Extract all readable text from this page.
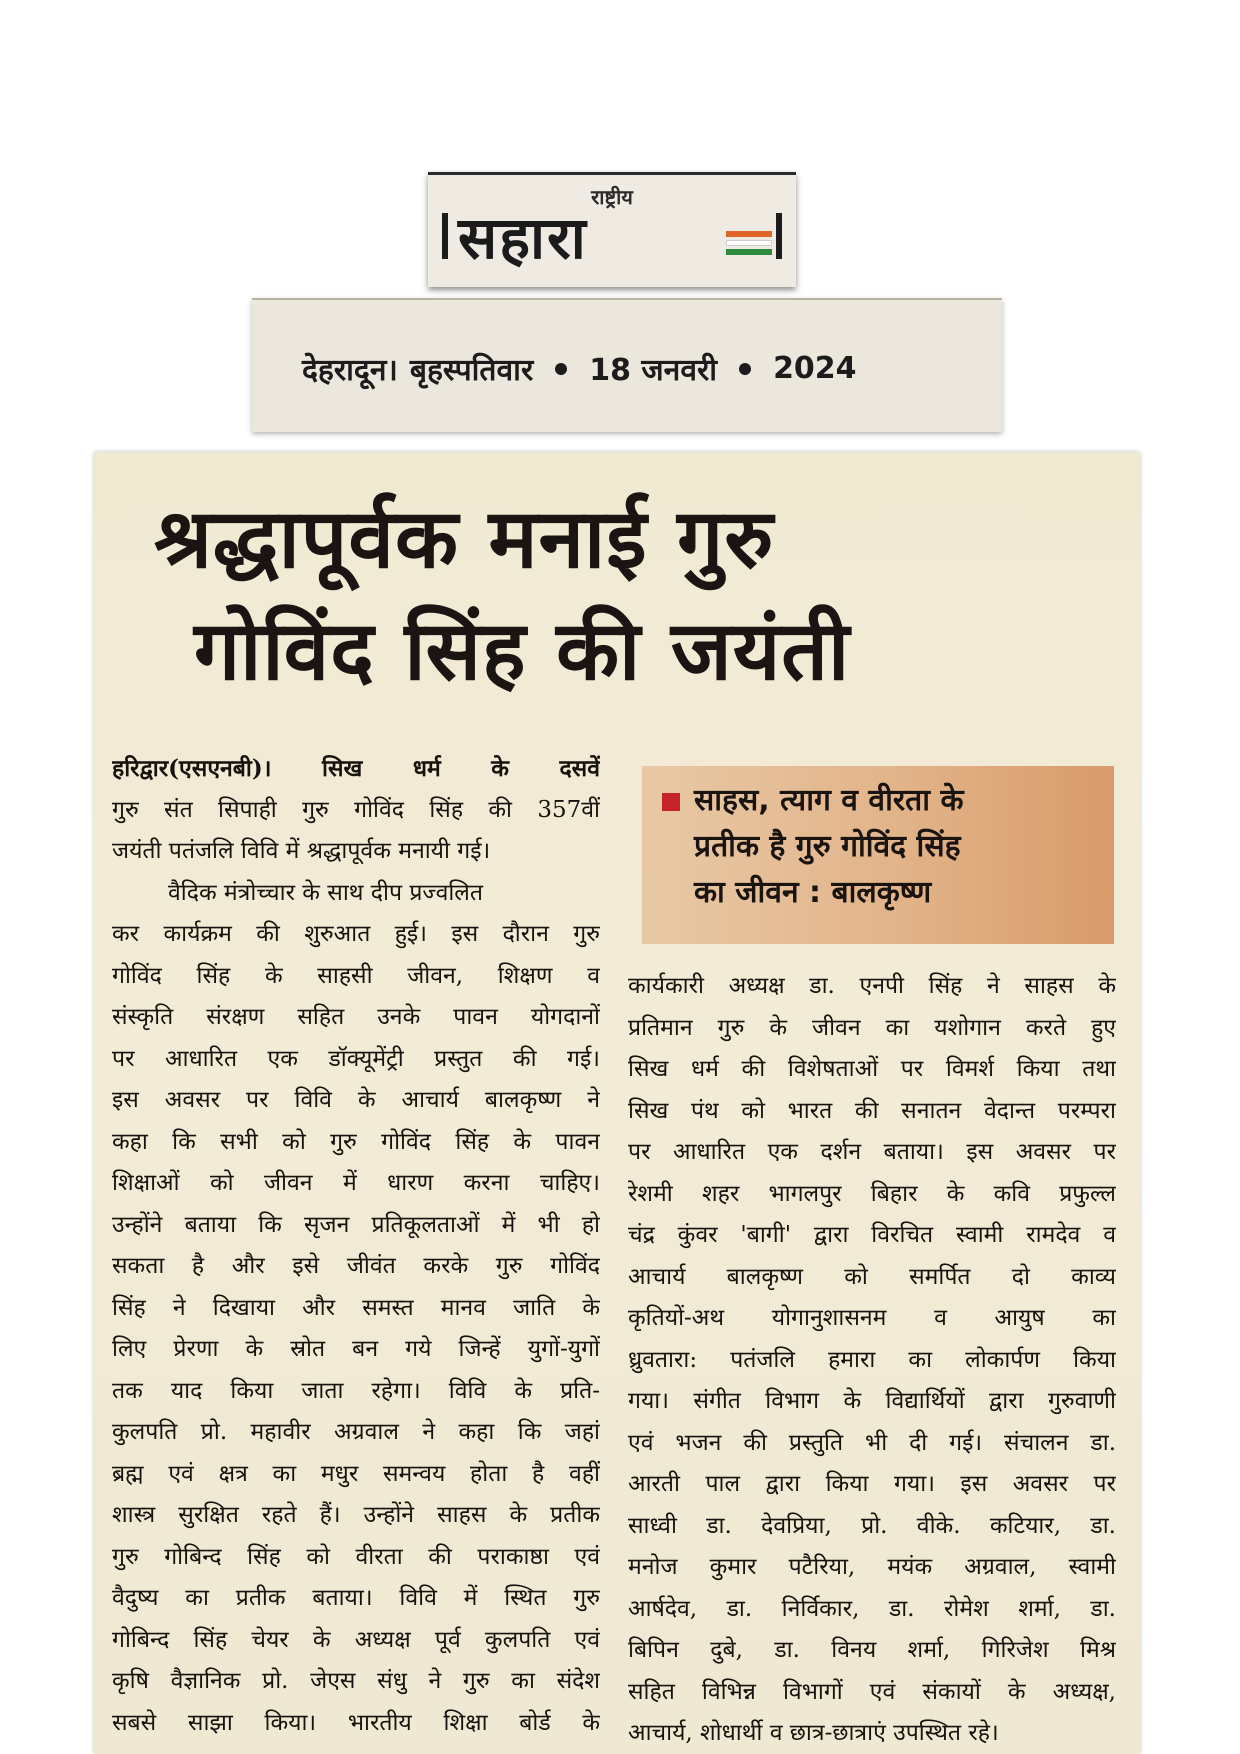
राष्ट्रीय
सहारा
देहरादून। बृहस्पतिवार 18 जनवरी 2024
श्रद्धापूर्वक मनाई गुरु
गोविंद सिंह की जयंती
साहस, त्याग व वीरता के
प्रतीक है गुरु गोविंद सिंह
का जीवन : बालकृष्ण
हरिद्वार(एसएनबी)। सिख धर्म के दसवें
गुरु संत सिपाही गुरु गोविंद सिंह की 357वीं
जयंती पतंजलि विवि में श्रद्धापूर्वक मनायी गई।
वैदिक मंत्रोच्चार के साथ दीप प्रज्वलित
कर कार्यक्रम की शुरुआत हुई। इस दौरान गुरु
गोविंद सिंह के साहसी जीवन, शिक्षण व
संस्कृति संरक्षण सहित उनके पावन योगदानों
पर आधारित एक डॉक्यूमेंट्री प्रस्तुत की गई।
इस अवसर पर विवि के आचार्य बालकृष्ण ने
कहा कि सभी को गुरु गोविंद सिंह के पावन
शिक्षाओं को जीवन में धारण करना चाहिए।
उन्होंने बताया कि सृजन प्रतिकूलताओं में भी हो
सकता है और इसे जीवंत करके गुरु गोविंद
सिंह ने दिखाया और समस्त मानव जाति के
लिए प्रेरणा के स्रोत बन गये जिन्हें युगों-युगों
तक याद किया जाता रहेगा। विवि के प्रति-
कुलपति प्रो. महावीर अग्रवाल ने कहा कि जहां
ब्रह्म एवं क्षत्र का मधुर समन्वय होता है वहीं
शास्त्र सुरक्षित रहते हैं। उन्होंने साहस के प्रतीक
गुरु गोबिन्द सिंह को वीरता की पराकाष्ठा एवं
वैदुष्य का प्रतीक बताया। विवि में स्थित गुरु
गोबिन्द सिंह चेयर के अध्यक्ष पूर्व कुलपति एवं
कृषि वैज्ञानिक प्रो. जेएस संधु ने गुरु का संदेश
सबसे साझा किया। भारतीय शिक्षा बोर्ड के
कार्यकारी अध्यक्ष डा. एनपी सिंह ने साहस के
प्रतिमान गुरु के जीवन का यशोगान करते हुए
सिख धर्म की विशेषताओं पर विमर्श किया तथा
सिख पंथ को भारत की सनातन वेदान्त परम्परा
पर आधारित एक दर्शन बताया। इस अवसर पर
रेशमी शहर भागलपुर बिहार के कवि प्रफुल्ल
चंद्र कुंवर 'बागी' द्वारा विरचित स्वामी रामदेव व
आचार्य बालकृष्ण को समर्पित दो काव्य
कृतियों-अथ योगानुशासनम व आयुष का
ध्रुवतारा: पतंजलि हमारा का लोकार्पण किया
गया। संगीत विभाग के विद्यार्थियों द्वारा गुरुवाणी
एवं भजन की प्रस्तुति भी दी गई। संचालन डा.
आरती पाल द्वारा किया गया। इस अवसर पर
साध्वी डा. देवप्रिया, प्रो. वीके. कटियार, डा.
मनोज कुमार पटैरिया, मयंक अग्रवाल, स्वामी
आर्षदेव, डा. निर्विकार, डा. रोमेश शर्मा, डा.
बिपिन दुबे, डा. विनय शर्मा, गिरिजेश मिश्र
सहित विभिन्न विभागों एवं संकायों के अध्यक्ष,
आचार्य, शोधार्थी व छात्र-छात्राएं उपस्थित रहे।
